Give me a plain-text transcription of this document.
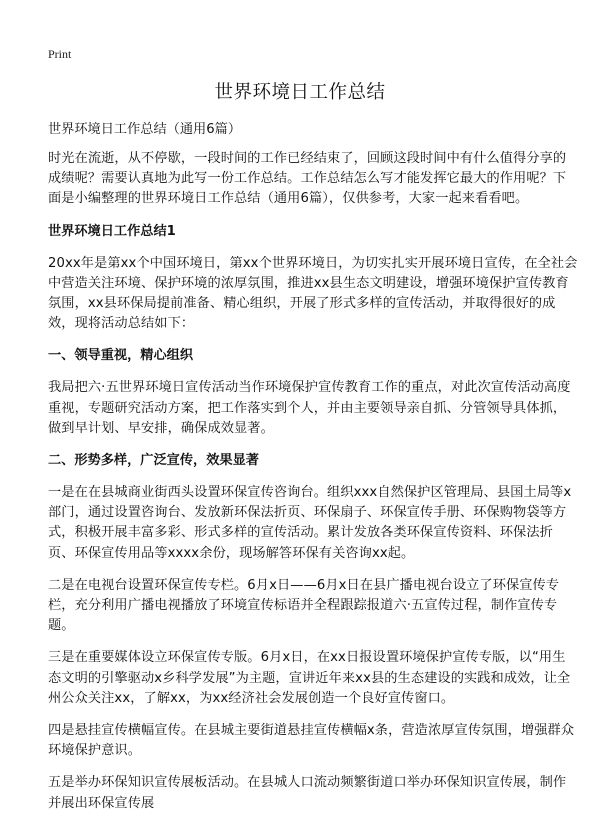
Print
世界环境日工作总结
世界环境日工作总结（通用6篇）

时光在流逝，从不停歇，一段时间的工作已经结束了，回顾这段时间中有什么值得分享的成绩呢？需要认真地为此写一份工作总结。工作总结怎么写才能发挥它最大的作用呢？下面是小编整理的世界环境日工作总结（通用6篇），仅供参考，大家一起来看看吧。

世界环境日工作总结1

20xx年是第xx个中国环境日，第xx个世界环境日，为切实扎实开展环境日宣传，在全社会中营造关注环境、保护环境的浓厚氛围，推进xx县生态文明建设，增强环境保护宣传教育氛围，xx县环保局提前准备、精心组织，开展了形式多样的宣传活动，并取得很好的成效，现将活动总结如下：

一、领导重视，精心组织

我局把六·五世界环境日宣传活动当作环境保护宣传教育工作的重点，对此次宣传活动高度重视，专题研究活动方案，把工作落实到个人，并由主要领导亲自抓、分管领导具体抓，做到早计划、早安排，确保成效显著。

二、形势多样，广泛宣传，效果显著

一是在在县城商业街西头设置环保宣传咨询台。组织xxx自然保护区管理局、县国土局等x部门，通过设置咨询台、发放新环保法折页、环保扇子、环保宣传手册、环保购物袋等方式，积极开展丰富多彩、形式多样的宣传活动。累计发放各类环保宣传资料、环保法折页、环保宣传用品等xxxx余份，现场解答环保有关咨询xx起。

二是在电视台设置环保宣传专栏。6月x日——6月x日在县广播电视台设立了环保宣传专栏，充分利用广播电视播放了环境宣传标语并全程跟踪报道六·五宣传过程，制作宣传专题。

三是在重要媒体设立环保宣传专版。6月x日，在xx日报设置环境保护宣传专版，以“用生态文明的引擎驱动x乡科学发展”为主题，宣讲近年来xx县的生态建设的实践和成效，让全州公众关注xx，了解xx，为xx经济社会发展创造一个良好宣传窗口。

四是悬挂宣传横幅宣传。在县城主要街道悬挂宣传横幅x条，营造浓厚宣传氛围，增强群众环境保护意识。

五是举办环保知识宣传展板活动。在县城人口流动频繁街道口举办环保知识宣传展，制作并展出环保宣传展
